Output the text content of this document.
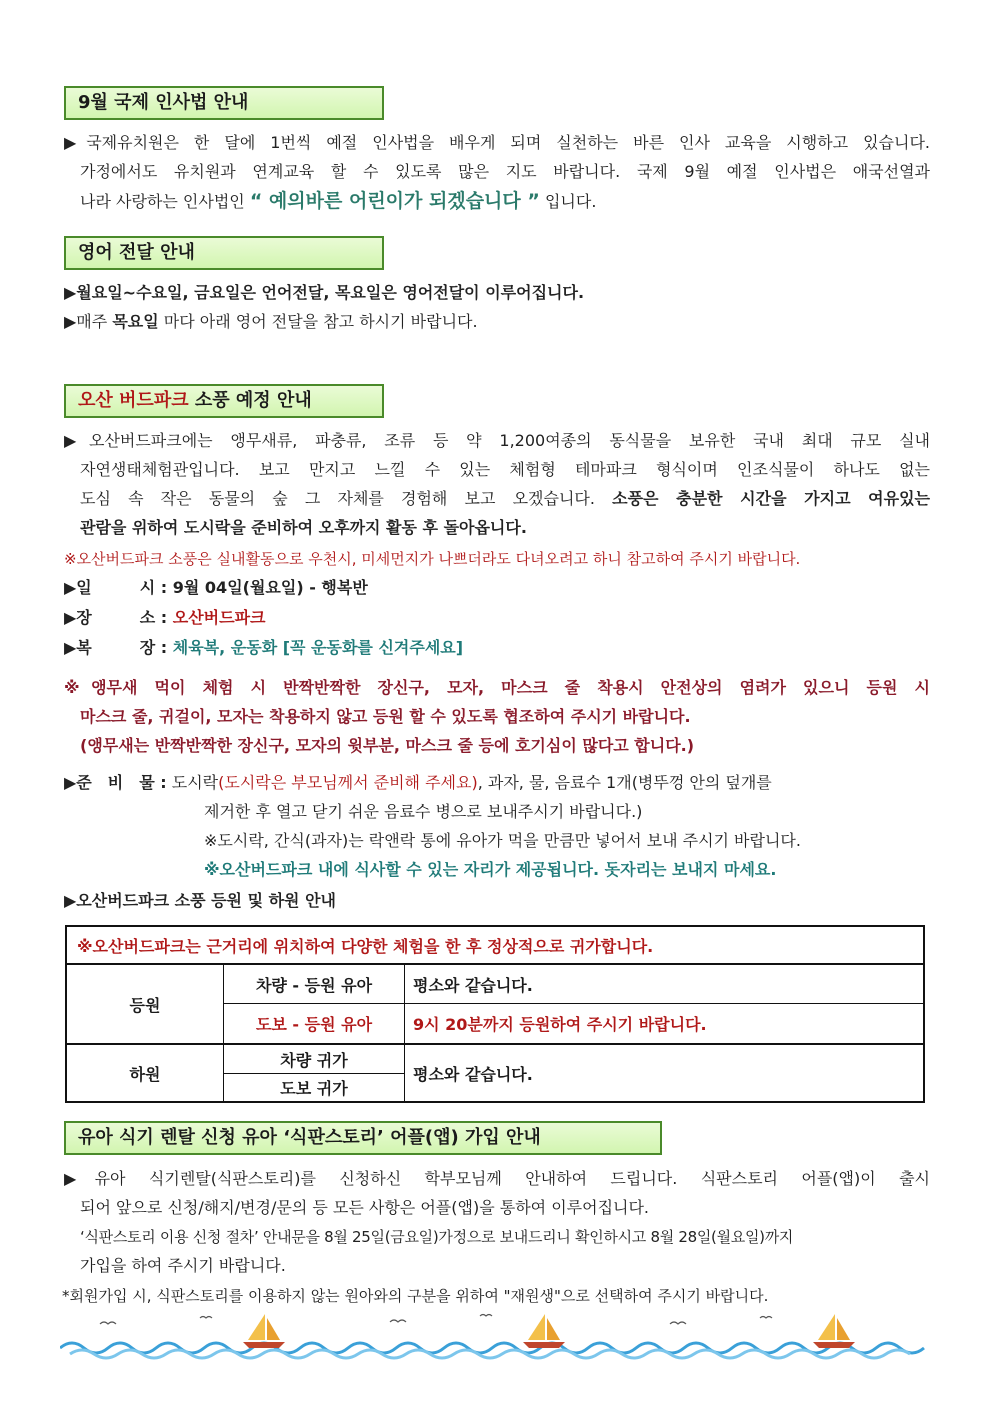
9월 국제 인사법 안내
▶국제유치원은 한 달에 1번씩 예절 인사법을 배우게 되며 실천하는 바른 인사 교육을 시행하고 있습니다.
가정에서도 유치원과 연계교육 할 수 있도록 많은 지도 바랍니다. 국제 9월 예절 인사법은 애국선열과
나라 사랑하는 인사법인 “ 예의바른 어린이가 되겠습니다 ” 입니다.
영어 전달 안내
▶월요일~수요일, 금요일은 언어전달, 목요일은 영어전달이 이루어집니다.
▶매주 목요일 마다 아래 영어 전달을 참고 하시기 바랍니다.
오산 버드파크 소풍 예정 안내
▶오산버드파크에는 앵무새류, 파충류, 조류 등 약 1,200여종의 동식물을 보유한 국내 최대 규모 실내
자연생태체험관입니다. 보고 만지고 느낄 수 있는 체험형 테마파크 형식이며 인조식물이 하나도 없는
도심 속 작은 동물의 숲 그 자체를 경험해 보고 오겠습니다. 소풍은 충분한 시간을 가지고 여유있는
관람을 위하여 도시락을 준비하여 오후까지 활동 후 돌아옵니다.
※오산버드파크 소풍은 실내활동으로 우천시, 미세먼지가 나쁘더라도 다녀오려고 하니 참고하여 주시기 바랍니다.
▶일　　　시 : 9월 04일(월요일) - 행복반
▶장　　　소 : 오산버드파크
▶복　　　장 : 체육복, 운동화 [꼭 운동화를 신겨주세요]
※앵무새 먹이 체험 시 반짝반짝한 장신구, 모자, 마스크 줄 착용시 안전상의 염려가 있으니 등원 시
마스크 줄, 귀걸이, 모자는 착용하지 않고 등원 할 수 있도록 협조하여 주시기 바랍니다.
(앵무새는 반짝반짝한 장신구, 모자의 윗부분, 마스크 줄 등에 호기심이 많다고 합니다.)
▶준　비　물 : 도시락(도시락은 부모님께서 준비해 주세요), 과자, 물, 음료수 1개(병뚜껑 안의 덮개를
제거한 후 열고 닫기 쉬운 음료수 병으로 보내주시기 바랍니다.)
※도시락, 간식(과자)는 락앤락 통에 유아가 먹을 만큼만 넣어서 보내 주시기 바랍니다.
※오산버드파크 내에 식사할 수 있는 자리가 제공됩니다. 돗자리는 보내지 마세요.
▶오산버드파크 소풍 등원 및 하원 안내
※오산버드파크는 근거리에 위치하여 다양한 체험을 한 후 정상적으로 귀가합니다.
등원
차량 - 등원 유아	평소와 같습니다.
도보 - 등원 유아	9시 20분까지 등원하여 주시기 바랍니다.
하원
차량 귀가
도보 귀가
평소와 같습니다.
유아 식기 렌탈 신청 유아 ‘식판스토리’ 어플(앱) 가입 안내
▶유아 식기렌탈(식판스토리)를 신청하신 학부모님께 안내하여 드립니다. 식판스토리 어플(앱)이 출시
되어 앞으로 신청/해지/변경/문의 등 모든 사항은 어플(앱)을 통하여 이루어집니다.
‘식판스토리 이용 신청 절차’ 안내문을 8월 25일(금요일)가정으로 보내드리니 확인하시고 8월 28일(월요일)까지
가입을 하여 주시기 바랍니다.
*회원가입 시, 식판스토리를 이용하지 않는 원아와의 구분을 위하여 "재원생"으로 선택하여 주시기 바랍니다.
